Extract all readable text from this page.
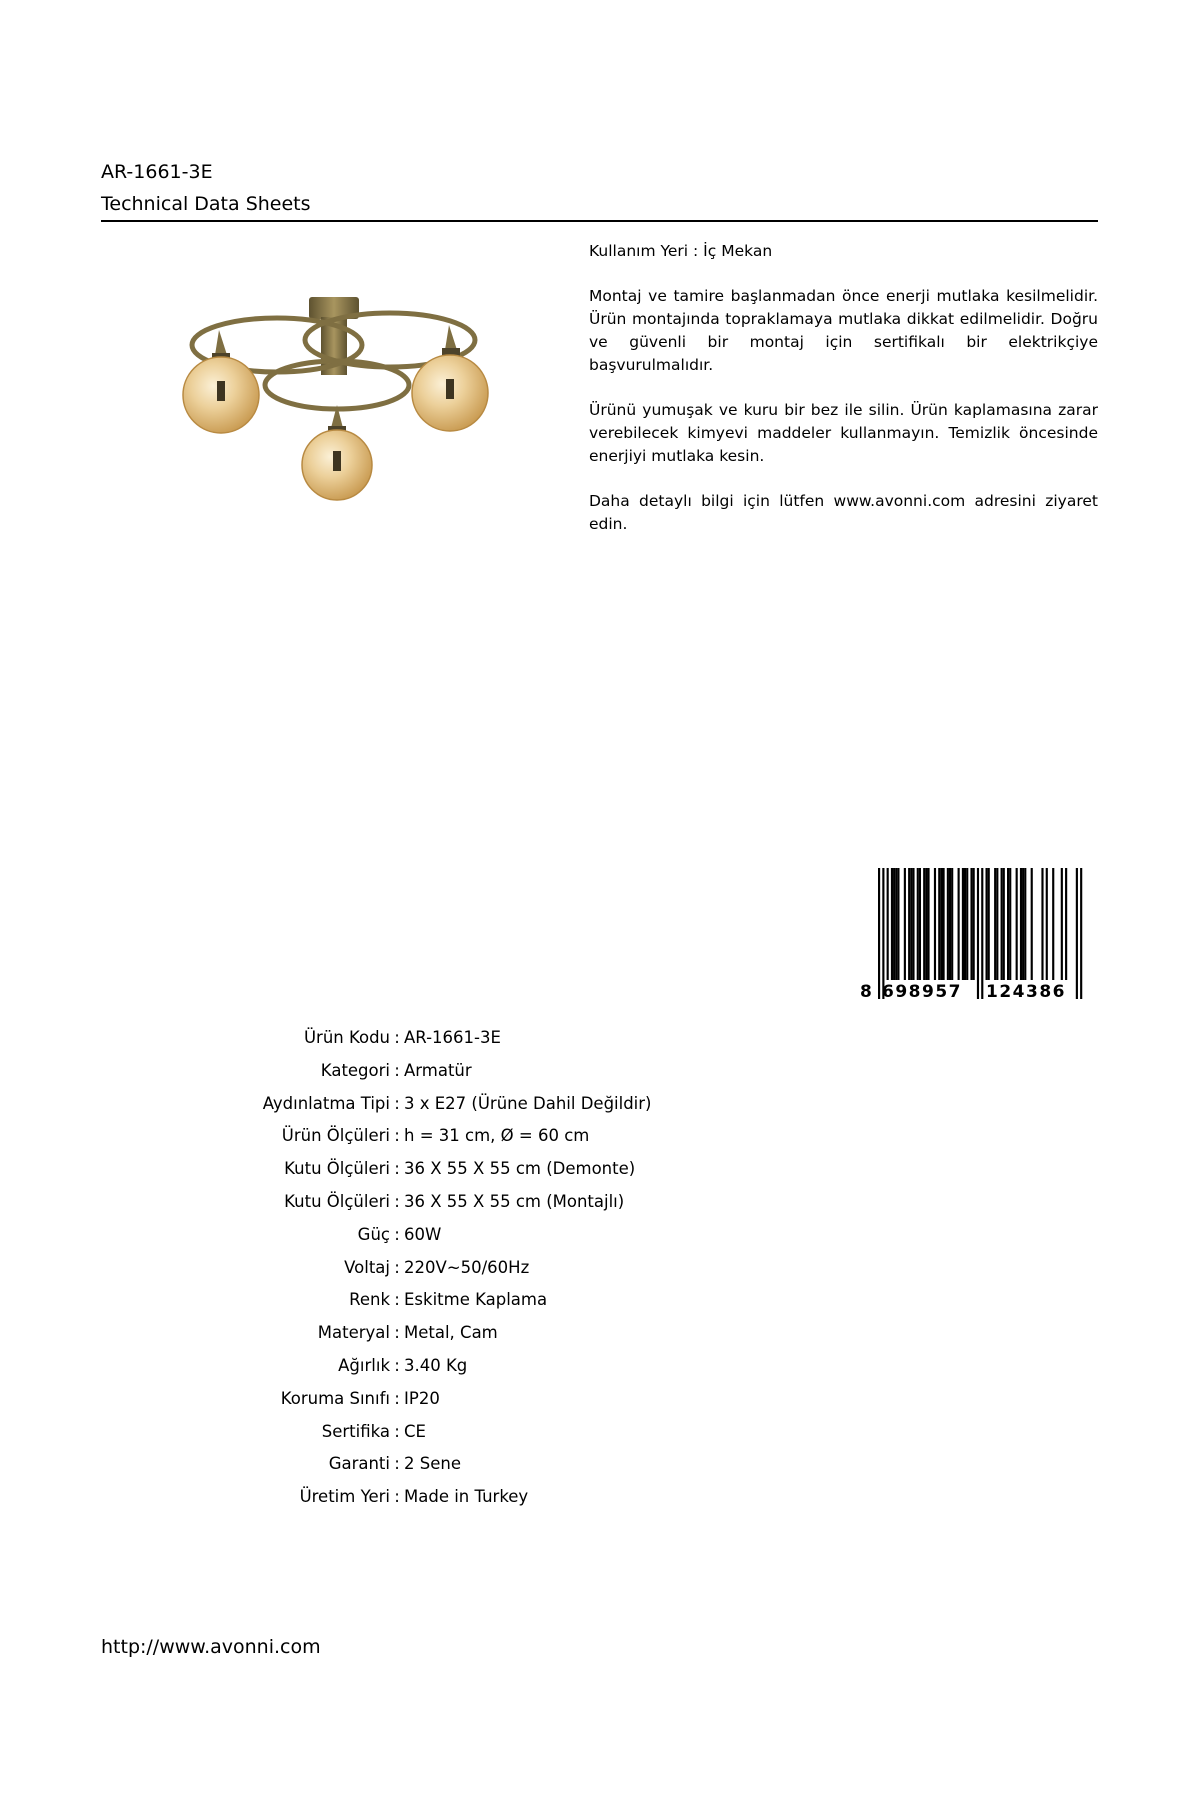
AR-1661-3E
Technical Data Sheets

Kullanım Yeri : İç Mekan

Montaj ve tamire başlanmadan önce enerji mutlaka kesilmelidir. Ürün montajında topraklamaya mutlaka dikkat edilmelidir. Doğru ve güvenli bir montaj için sertifikalı bir elektrikçiye başvurulmalıdır.

Ürünü yumuşak ve kuru bir bez ile silin. Ürün kaplamasına zarar verebilecek kimyevi maddeler kullanmayın. Temizlik öncesinde enerjiyi mutlaka kesin.

Daha detaylı bilgi için lütfen www.avonni.com adresini ziyaret edin.

8 698957 124386
Ürün Kodu : AR-1661-3E
Kategori : Armatür
Aydınlatma Tipi : 3 x E27 (Ürüne Dahil Değildir)
Ürün Ölçüleri : h = 31 cm, Ø = 60 cm
Kutu Ölçüleri : 36 X 55 X 55 cm (Demonte)
Kutu Ölçüleri : 36 X 55 X 55 cm (Montajlı)
Güç : 60W
Voltaj : 220V~50/60Hz
Renk : Eskitme Kaplama
Materyal : Metal, Cam
Ağırlık : 3.40 Kg
Koruma Sınıfı : IP20
Sertifika : CE
Garanti : 2 Sene
Üretim Yeri : Made in Turkey
http://www.avonni.com
